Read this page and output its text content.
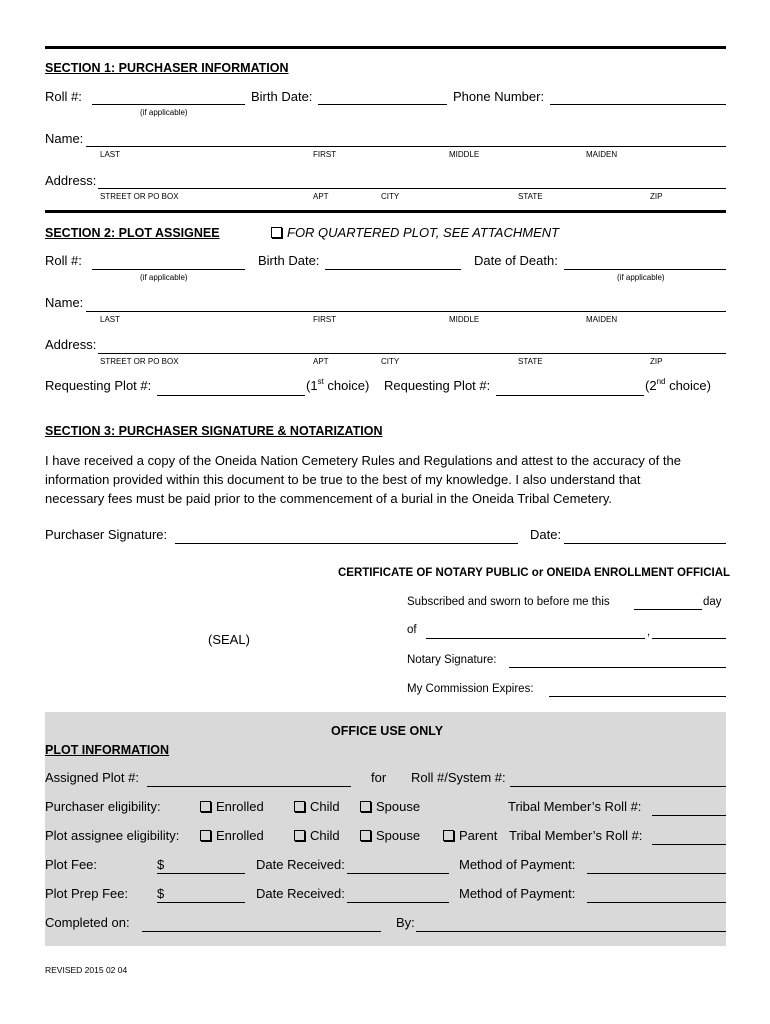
SECTION 1: PURCHASER INFORMATION
Roll #:
(if applicable)
Birth Date:	Phone Number:
Name:
LAST	FIRST	MIDDLE	MAIDEN
Address:
STREET OR PO BOX	APT	CITY	STATE	ZIP
SECTION 2: PLOT ASSIGNEE	FOR QUARTERED PLOT, SEE ATTACHMENT
Roll #:
(if applicable)
Birth Date:	Date of Death:
(if applicable)
Name:
LAST	FIRST	MIDDLE	MAIDEN
Address:
STREET OR PO BOX	APT	CITY	STATE	ZIP
Requesting Plot #:	(1st choice) Requesting Plot #:	(2nd choice)
SECTION 3: PURCHASER SIGNATURE & NOTARIZATION
I have received a copy of the Oneida Nation Cemetery Rules and Regulations and attest to the accuracy of the
information provided within this document to be true to the best of my knowledge. I also understand that
necessary fees must be paid prior to the commencement of a burial in the Oneida Tribal Cemetery.
Purchaser Signature:	Date:
CERTIFICATE OF NOTARY PUBLIC or ONEIDA ENROLLMENT OFFICIAL
Subscribed and sworn to before me this	day
of	,
(SEAL)
Notary Signature:
My Commission Expires:
OFFICE USE ONLY
PLOT INFORMATION
Assigned Plot #:	for Roll #/System #:
Purchaser eligibility:	Enrolled	Child	Spouse	Tribal Member’s Roll #:
Plot assignee eligibility:	Enrolled	Child	Spouse	Parent Tribal Member’s Roll #:
Plot Fee:	$	Date Received:	Method of Payment:
Plot Prep Fee: $	Date Received:	Method of Payment:
Completed on:	By:
REVISED 2015 02 04
